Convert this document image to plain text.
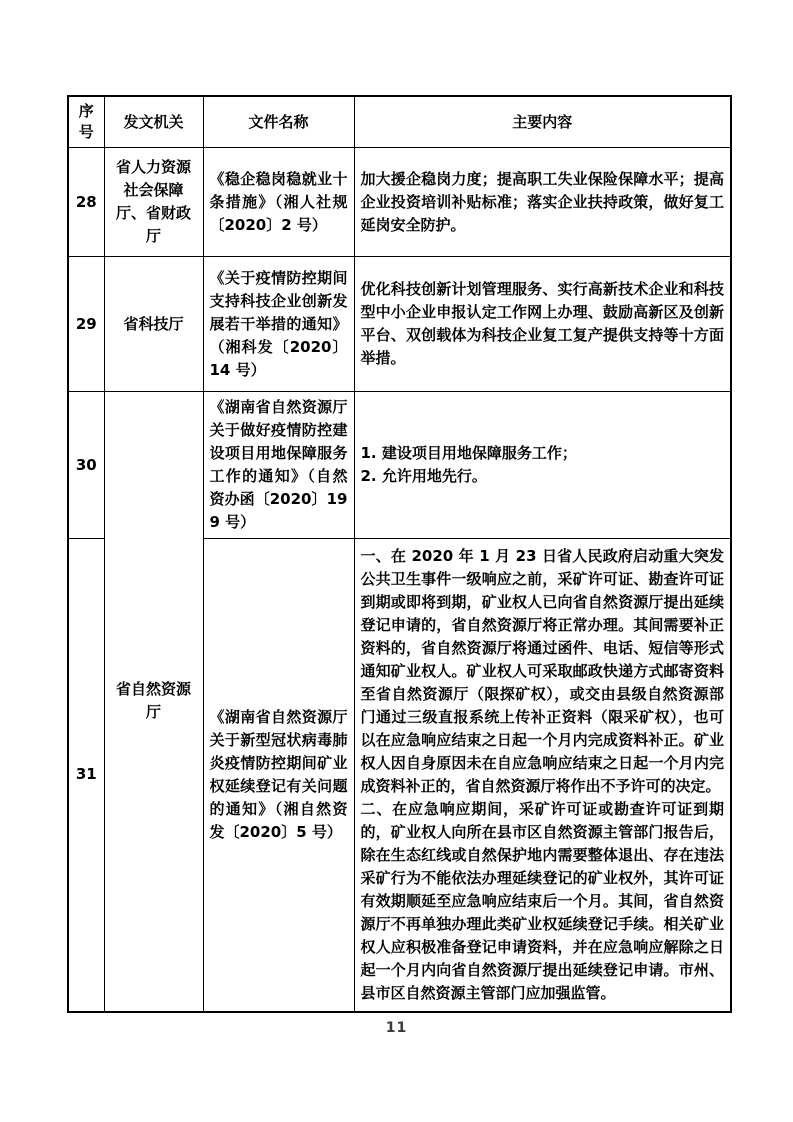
序号	发文机关	文件名称	主要内容
28	省人力资源社会保障厅、省财政厅	《稳企稳岗稳就业十条措施》（湘人社规〔2020〕2 号）	加大援企稳岗力度；提高职工失业保险保障水平；提高企业投资培训补贴标准；落实企业扶持政策，做好复工延岗安全防护。

29	省科技厅	《关于疫情防控期间支持科技企业创新发展若干举措的通知》（湘科发〔2020〕14 号）	优化科技创新计划管理服务、实行高新技术企业和科技型中小企业申报认定工作网上办理、鼓励高新区及创新平台、双创载体为科技企业复工复产提供支持等十方面举措。

30	省自然资源厅	《湖南省自然资源厅关于做好疫情防控建设项目用地保障服务工作的通知》（自然资办函〔2020〕199 号）	1. 建设项目用地保障服务工作；
2. 允许用地先行。

31		《湖南省自然资源厅关于新型冠状病毒肺炎疫情防控期间矿业权延续登记有关问题的通知》（湘自然资发〔2020〕5 号）	一、在 2020 年 1 月 23 日省人民政府启动重大突发公共卫生事件一级响应之前，采矿许可证、勘查许可证到期或即将到期，矿业权人已向省自然资源厅提出延续登记申请的，省自然资源厅将正常办理。其间需要补正资料的，省自然资源厅将通过函件、电话、短信等形式通知矿业权人。矿业权人可采取邮政快递方式邮寄资料至省自然资源厅（限探矿权），或交由县级自然资源部门通过三级直报系统上传补正资料（限采矿权），也可以在应急响应结束之日起一个月内完成资料补正。矿业权人因自身原因未在自应急响应结束之日起一个月内完成资料补正的，省自然资源厅将作出不予许可的决定。
二、在应急响应期间，采矿许可证或勘查许可证到期的，矿业权人向所在县市区自然资源主管部门报告后，除在生态红线或自然保护地内需要整体退出、存在违法采矿行为不能依法办理延续登记的矿业权外，其许可证有效期顺延至应急响应结束后一个月。其间，省自然资源厅不再单独办理此类矿业权延续登记手续。相关矿业权人应积极准备登记申请资料，并在应急响应解除之日起一个月内向省自然资源厅提出延续登记申请。市州、县市区自然资源主管部门应加强监管。
11
